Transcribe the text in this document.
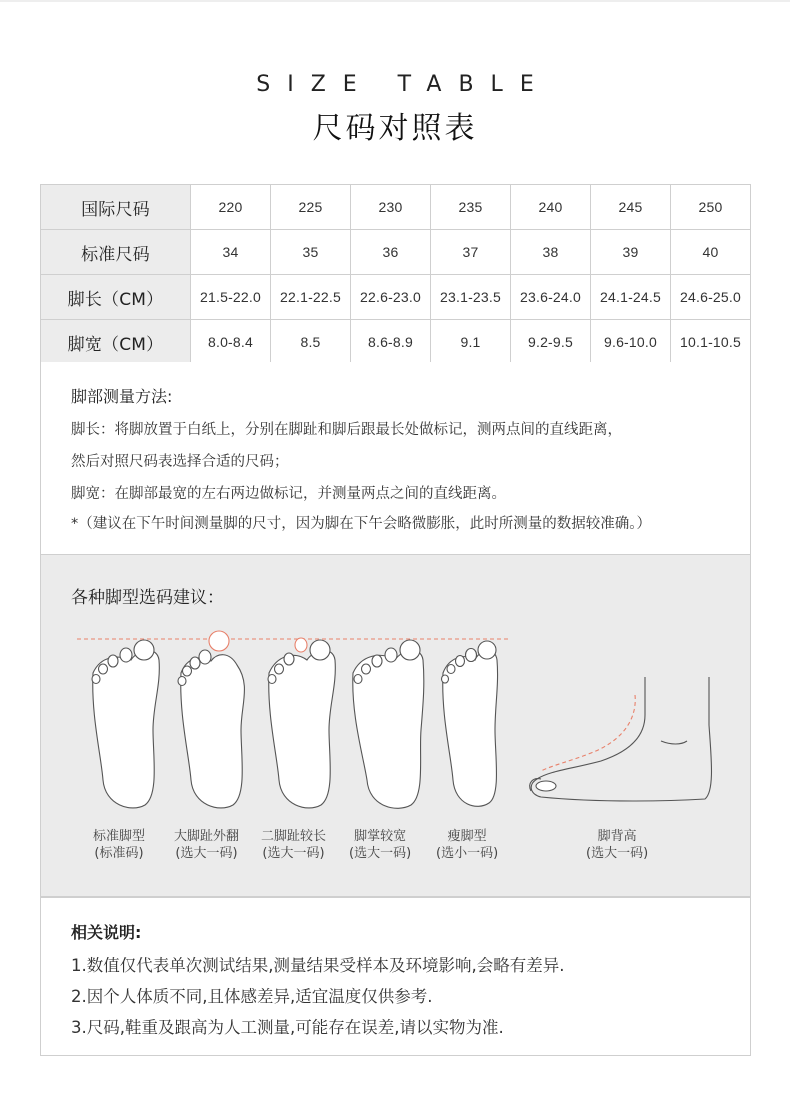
SIZE TABLE
尺码对照表
国际尺码	220	225	230	235	240	245	250
标准尺码	34	35	36	37	38	39	40
脚长（CM）	21.5-22.0	22.1-22.5	22.6-23.0	23.1-23.5	23.6-24.0	24.1-24.5	24.6-25.0
脚宽（CM）	8.0-8.4	8.5	8.6-8.9	9.1	9.2-9.5	9.6-10.0	10.1-10.5
脚部测量方法:
脚长：将脚放置于白纸上，分别在脚趾和脚后跟最长处做标记，测两点间的直线距离，
然后对照尺码表选择合适的尺码；
脚宽：在脚部最宽的左右两边做标记，并测量两点之间的直线距离。
*（建议在下午时间测量脚的尺寸，因为脚在下午会略微膨胀，此时所测量的数据较准确。）
各种脚型选码建议：
标准脚型
(标准码)
大脚趾外翻
(选大一码)
二脚趾较长
(选大一码)
脚掌较宽
(选大一码)
瘦脚型
(选小一码)
脚背高
(选大一码)
相关说明:
1.数值仅代表单次测试结果,测量结果受样本及环境影响,会略有差异.
2.因个人体质不同,且体感差异,适宜温度仅供参考.
3.尺码,鞋重及跟高为人工测量,可能存在误差,请以实物为准.
